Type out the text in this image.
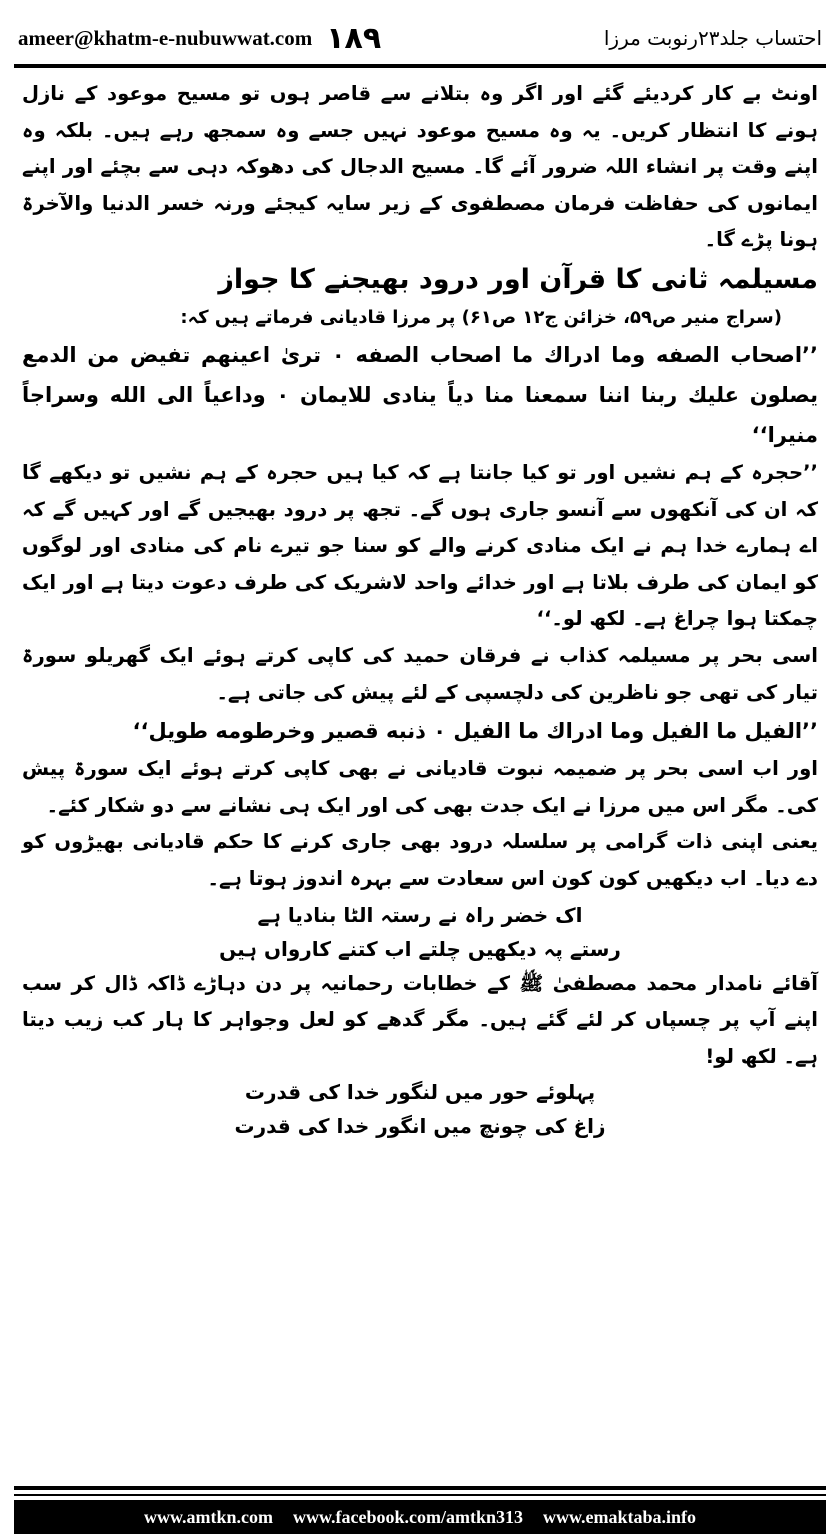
ameer@khatm-e-nubuwwat.com ۱۸۹	احتساب جلد۲۳رنوبت مرزا

اونٹ بے کار کردیئے گئے اور اگر وہ بتلانے سے قاصر ہوں تو مسیح موعود کے نازل ہونے کا انتظار کریں۔ یہ وہ مسیح موعود نہیں جسے وہ سمجھ رہے ہیں۔ بلکہ وہ اپنے وقت پر انشاء اللہ ضرور آئے گا۔ مسیح الدجال کی دھوکہ دہی سے بچئے اور اپنے ایمانوں کی حفاظت فرمان مصطفوی کے زیر سایہ کیجئے ورنہ خسر الدنیا والآخرۃ ہونا پڑے گا۔

مسیلمہ ثانی کا قرآن اور درود بھیجنے کا جواز

(سراج منیر ص۵۹، خزائن ج۱۲ ص۶۱) پر مرزا قادیانی فرماتے ہیں کہ:

’’اصحاب الصفه وما ادراك ما اصحاب الصفه ۰ تریٰ اعینهم تفیض من الدمع یصلون علیك ربنا اننا سمعنا منا دیاً ینادی للایمان ۰ وداعیاً الی الله وسراجاً منیرا‘‘

’’حجرہ کے ہم نشیں اور تو کیا جانتا ہے کہ کیا ہیں حجرہ کے ہم نشیں تو دیکھے گا کہ ان کی آنکھوں سے آنسو جاری ہوں گے۔ تجھ پر درود بھیجیں گے اور کہیں گے کہ اے ہمارے خدا ہم نے ایک منادی کرنے والے کو سنا جو تیرے نام کی منادی اور لوگوں کو ایمان کی طرف بلاتا ہے اور خدائے واحد لاشریک کی طرف دعوت دیتا ہے اور ایک چمکتا ہوا چراغ ہے۔ لکھ لو۔‘‘

اسی بحر پر مسیلمہ کذاب نے فرقان حمید کی کاپی کرتے ہوئے ایک گھریلو سورۃ تیار کی تھی جو ناظرین کی دلچسپی کے لئے پیش کی جاتی ہے۔

’’الفیل ما الفیل وما ادراك ما الفیل ۰ ذنبه قصیر وخرطومه طویل‘‘

اور اب اسی بحر پر ضمیمہ نبوت قادیانی نے بھی کاپی کرتے ہوئے ایک سورۃ پیش کی۔ مگر اس میں مرزا نے ایک جدت بھی کی اور ایک ہی نشانے سے دو شکار کئے۔

یعنی اپنی ذات گرامی پر سلسلہ درود بھی جاری کرنے کا حکم قادیانی بھیڑوں کو دے دیا۔ اب دیکھیں کون کون اس سعادت سے بہرہ اندوز ہوتا ہے۔

اک خضر راہ نے رستہ الٹا بنادیا ہے

رستے پہ دیکھیں چلتے اب کتنے کارواں ہیں

آقائے نامدار محمد مصطفیٰ ﷺ کے خطابات رحمانیہ پر دن دہاڑے ڈاکہ ڈال کر سب اپنے آپ پر چسپاں کر لئے گئے ہیں۔ مگر گدھے کو لعل وجواہر کا ہار کب زیب دیتا ہے۔ لکھ لو!

پہلوئے حور میں لنگور خدا کی قدرت

زاغ کی چونچ میں انگور خدا کی قدرت

www.amtkn.com www.facebook.com/amtkn313 www.emaktaba.info
